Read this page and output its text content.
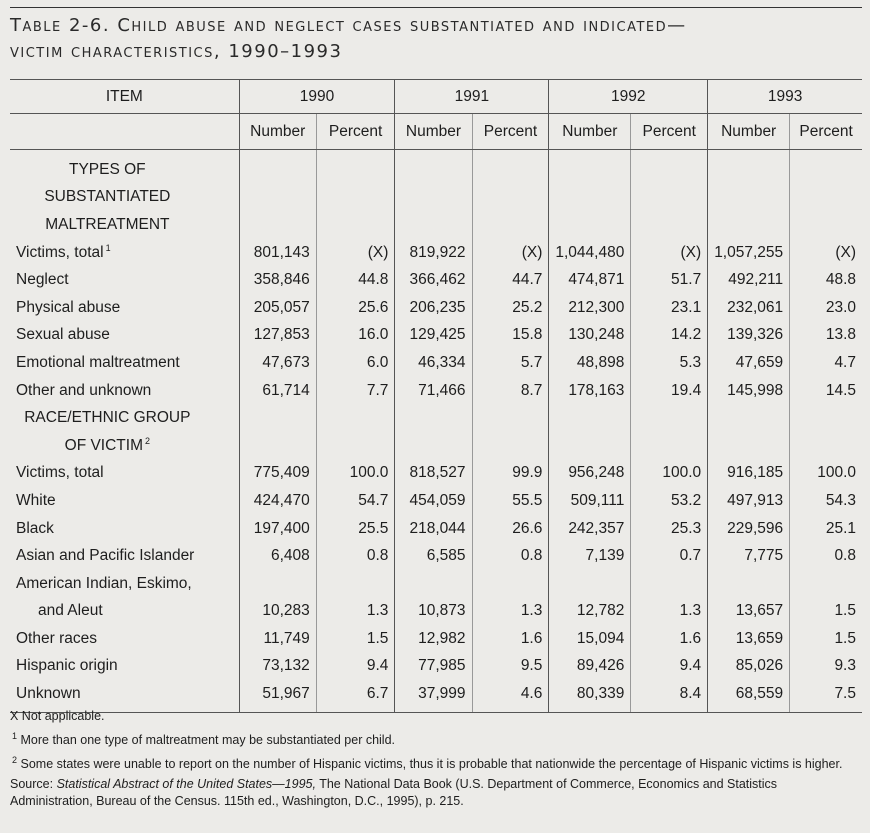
Table 2-6. Child abuse and neglect cases substantiated and indicated—
victim characteristics, 1990–1993
ITEM	1990		1991		1992		1993	
	Number	Percent	Number	Percent	Number	Percent	Number	Percent
TYPES OF								
SUBSTANTIATED								
MALTREATMENT								
Victims, total $^1$	801,143	(X)	819,922	(X)	1,044,480	(X)	1,057,255	(X)
Neglect	358,846	44.8	366,462	44.7	474,871	51.7	492,211	48.8
Physical abuse	205,057	25.6	206,235	25.2	212,300	23.1	232,061	23.0
Sexual abuse	127,853	16.0	129,425	15.8	130,248	14.2	139,326	13.8
Emotional maltreatment	47,673	6.0	46,334	5.7	48,898	5.3	47,659	4.7
Other and unknown	61,714	7.7	71,466	8.7	178,163	19.4	145,998	14.5
RACE/ETHNIC GROUP								
OF VICTIM $^2$								
Victims, total	775,409	100.0	818,527	99.9	956,248	100.0	916,185	100.0
White	424,470	54.7	454,059	55.5	509,111	53.2	497,913	54.3
Black	197,400	25.5	218,044	26.6	242,357	25.3	229,596	25.1
Asian and Pacific Islander	6,408	0.8	6,585	0.8	7,139	0.7	7,775	0.8
American Indian, Eskimo,								
and Aleut	10,283	1.3	10,873	1.3	12,782	1.3	13,657	1.5
Other races	11,749	1.5	12,982	1.6	15,094	1.6	13,659	1.5
Hispanic origin	73,132	9.4	77,985	9.5	89,426	9.4	85,026	9.3
Unknown	51,967	6.7	37,999	4.6	80,339	8.4	68,559	7.5

X Not applicable.

$^1$ More than one type of maltreatment may be substantiated per child.

$^2$ Some states were unable to report on the number of Hispanic victims, thus it is probable that nationwide the percentage of Hispanic victims is higher.

Source: Statistical Abstract of the United States—1995, The National Data Book (U.S. Department of Commerce, Economics and Statistics Administration, Bureau of the Census. 115th ed., Washington, D.C., 1995), p. 215.
